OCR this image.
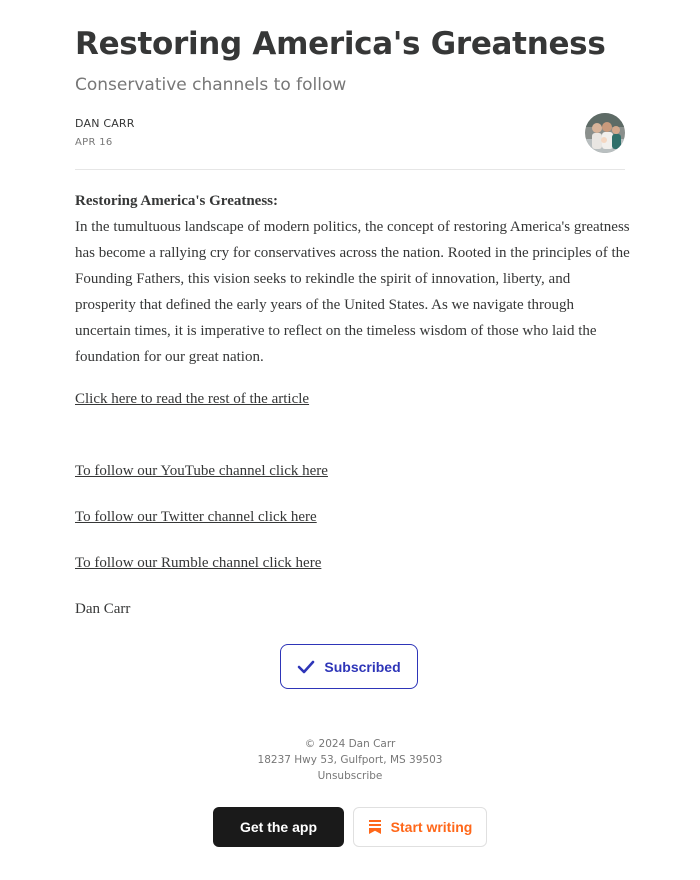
Restoring America's Greatness
Conservative channels to follow
DAN CARR
APR 16
Restoring America's Greatness:
In the tumultuous landscape of modern politics, the concept of restoring America's greatness has become a rallying cry for conservatives across the nation. Rooted in the principles of the Founding Fathers, this vision seeks to rekindle the spirit of innovation, liberty, and prosperity that defined the early years of the United States. As we navigate through uncertain times, it is imperative to reflect on the timeless wisdom of those who laid the foundation for our great nation.
Click here to read the rest of the article
To follow our YouTube channel click here
To follow our Twitter channel click here
To follow our Rumble channel click here
Dan Carr
Subscribed
© 2024 Dan Carr
18237 Hwy 53, Gulfport, MS 39503
Unsubscribe
Get the app	Start writing
